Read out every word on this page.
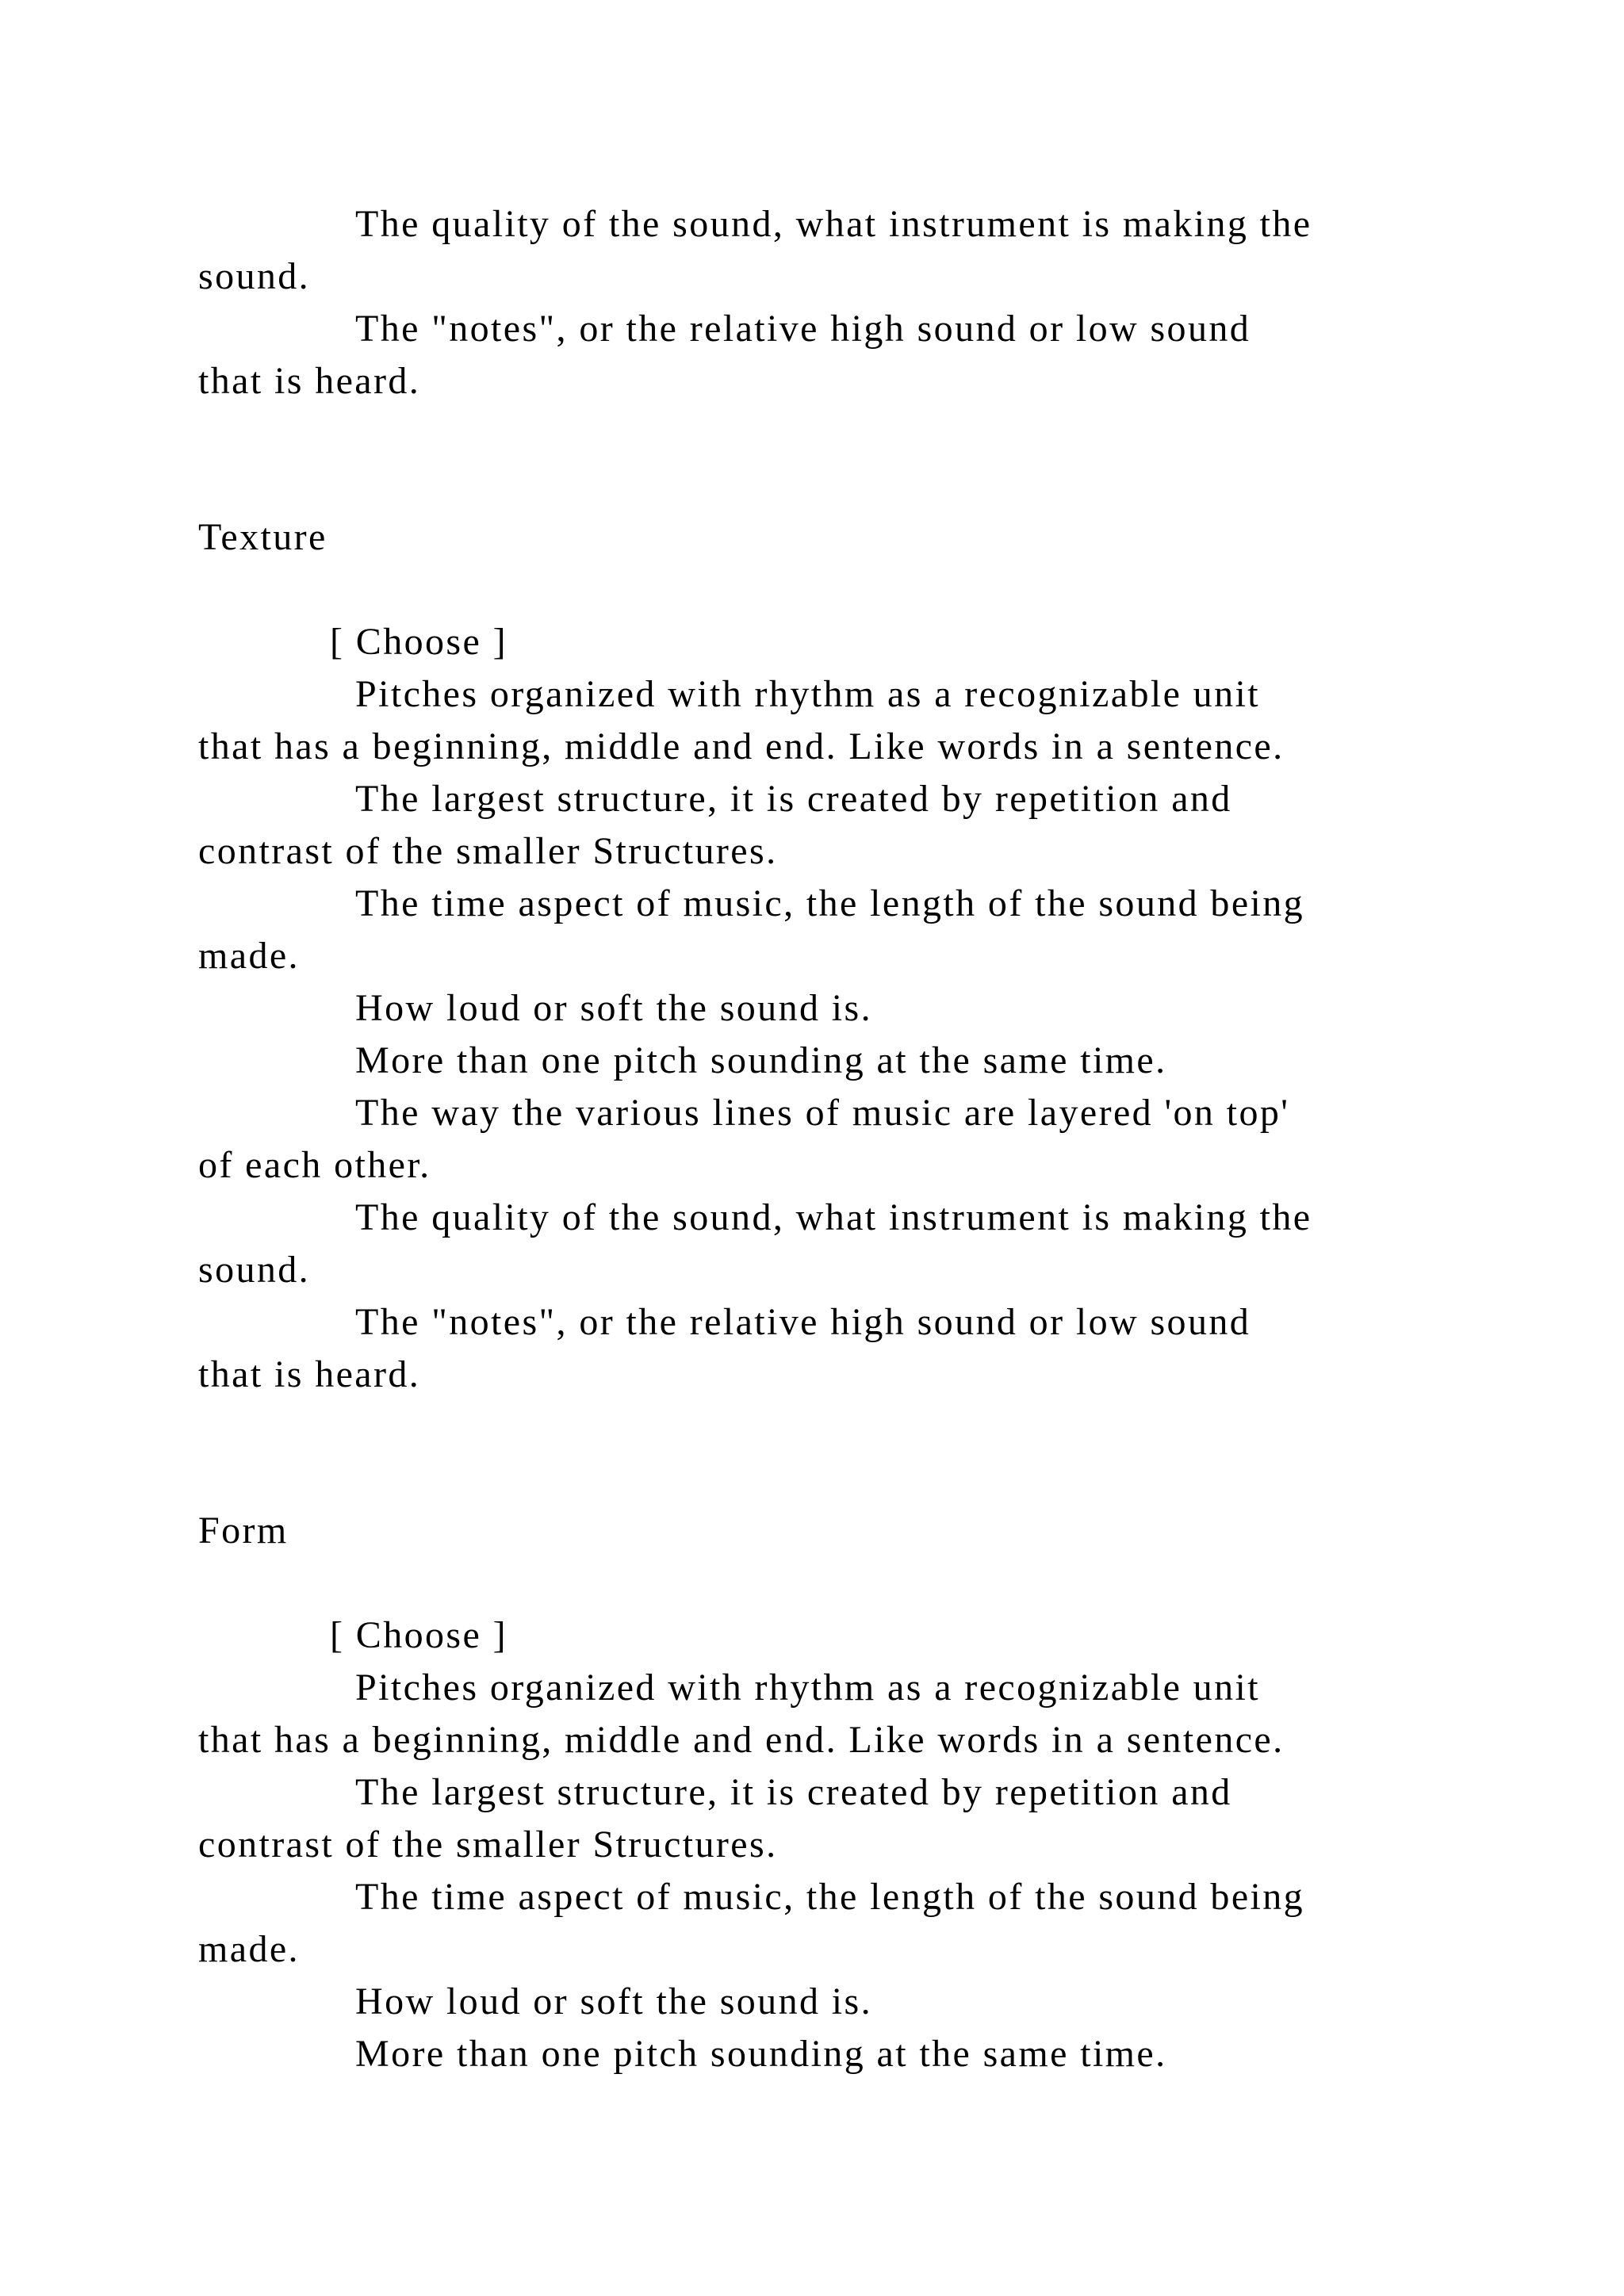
The quality of the sound, what instrument is making the

sound.

The "notes", or the relative high sound or low sound

that is heard.

Texture

[ Choose ]

Pitches organized with rhythm as a recognizable unit

that has a beginning, middle and end. Like words in a sentence.

The largest structure, it is created by repetition and

contrast of the smaller Structures.

The time aspect of music, the length of the sound being

made.

How loud or soft the sound is.

More than one pitch sounding at the same time.

The way the various lines of music are layered 'on top'

of each other.

The quality of the sound, what instrument is making the

sound.

The "notes", or the relative high sound or low sound

that is heard.

Form

[ Choose ]

Pitches organized with rhythm as a recognizable unit

that has a beginning, middle and end. Like words in a sentence.

The largest structure, it is created by repetition and

contrast of the smaller Structures.

The time aspect of music, the length of the sound being

made.

How loud or soft the sound is.

More than one pitch sounding at the same time.
